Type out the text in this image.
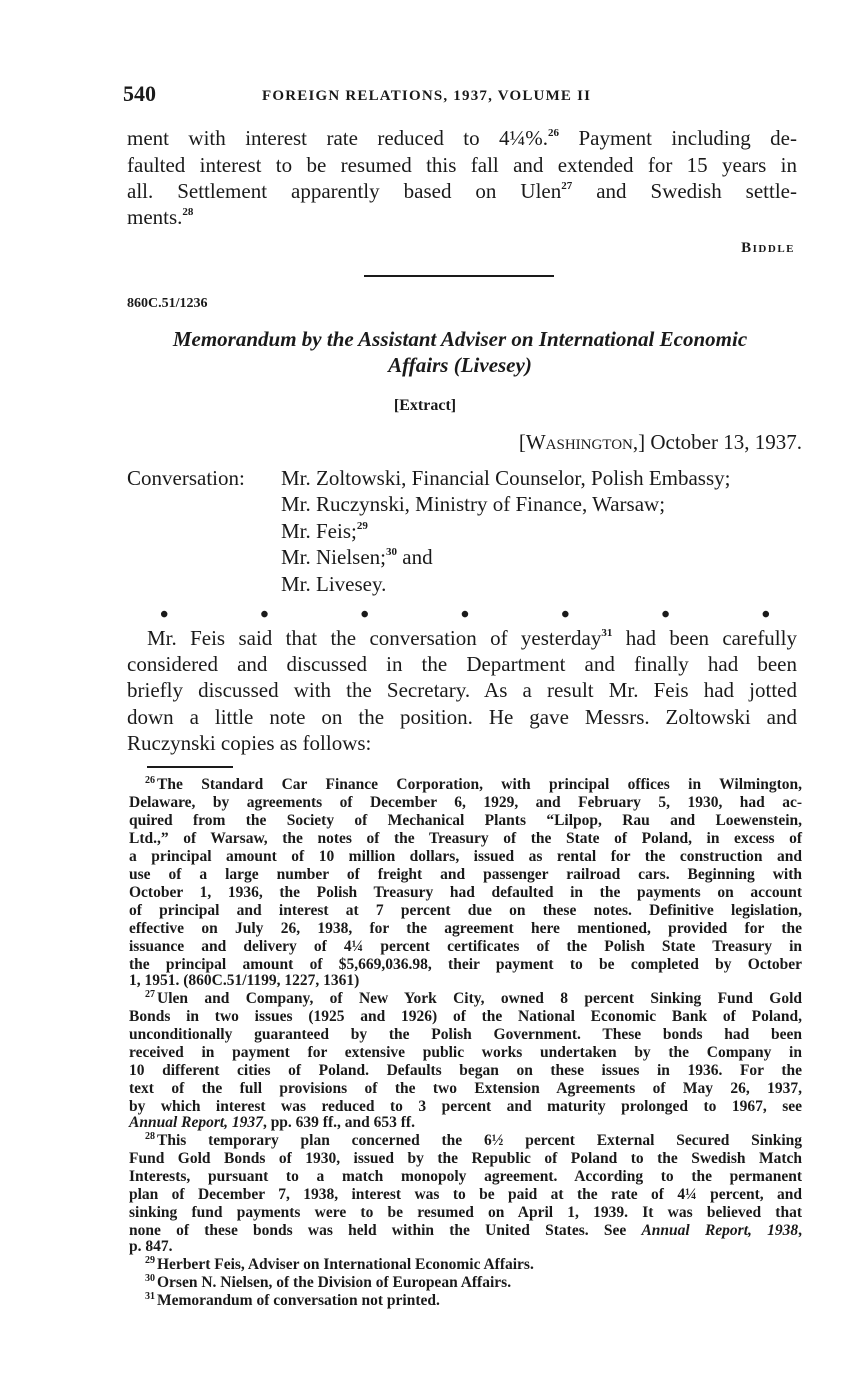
540	FOREIGN RELATIONS, 1937, VOLUME II
ment with interest rate reduced to 4¼%.$^{26}$ Payment including de-
faulted interest to be resumed this fall and extended for 15 years in
all. Settlement apparently based on Ulen$^{27}$ and Swedish settle-
ments.$^{28}$
Biddle
860C.51/1236
Memorandum by the Assistant Adviser on International Economic
Affairs (Livesey)
[Extract]
[Washington,] October 13, 1937.
Conversation: Mr. Zoltowski, Financial Counselor, Polish Embassy;
Mr. Ruczynski, Ministry of Finance, Warsaw;
Mr. Feis;$^{29}$
Mr. Nielsen;$^{30}$ and
Mr. Livesey.
•	•	•	•	•	•	•
Mr. Feis said that the conversation of yesterday$^{31}$ had been carefully
considered and discussed in the Department and finally had been
briefly discussed with the Secretary. As a result Mr. Feis had jotted
down a little note on the position. He gave Messrs. Zoltowski and
Ruczynski copies as follows:
$^{26}$ The Standard Car Finance Corporation, with principal offices in Wilmington,
Delaware, by agreements of December 6, 1929, and February 5, 1930, had ac-
quired from the Society of Mechanical Plants “Lilpop, Rau and Loewenstein,
Ltd.,” of Warsaw, the notes of the Treasury of the State of Poland, in excess of
a principal amount of 10 million dollars, issued as rental for the construction and
use of a large number of freight and passenger railroad cars. Beginning with
October 1, 1936, the Polish Treasury had defaulted in the payments on account
of principal and interest at 7 percent due on these notes. Definitive legislation,
effective on July 26, 1938, for the agreement here mentioned, provided for the
issuance and delivery of 4¼ percent certificates of the Polish State Treasury in
the principal amount of $5,669,036.98, their payment to be completed by October
1, 1951. (860C.51/1199, 1227, 1361)
$^{27}$ Ulen and Company, of New York City, owned 8 percent Sinking Fund Gold
Bonds in two issues (1925 and 1926) of the National Economic Bank of Poland,
unconditionally guaranteed by the Polish Government. These bonds had been
received in payment for extensive public works undertaken by the Company in
10 different cities of Poland. Defaults began on these issues in 1936. For the
text of the full provisions of the two Extension Agreements of May 26, 1937,
by which interest was reduced to 3 percent and maturity prolonged to 1967, see
Annual Report, 1937, pp. 639 ff., and 653 ff.
$^{28}$ This temporary plan concerned the 6½ percent External Secured Sinking
Fund Gold Bonds of 1930, issued by the Republic of Poland to the Swedish Match
Interests, pursuant to a match monopoly agreement. According to the permanent
plan of December 7, 1938, interest was to be paid at the rate of 4¼ percent, and
sinking fund payments were to be resumed on April 1, 1939. It was believed that
none of these bonds was held within the United States. See Annual Report, 1938,
p. 847.
$^{29}$ Herbert Feis, Adviser on International Economic Affairs.
$^{30}$ Orsen N. Nielsen, of the Division of European Affairs.
$^{31}$ Memorandum of conversation not printed.
